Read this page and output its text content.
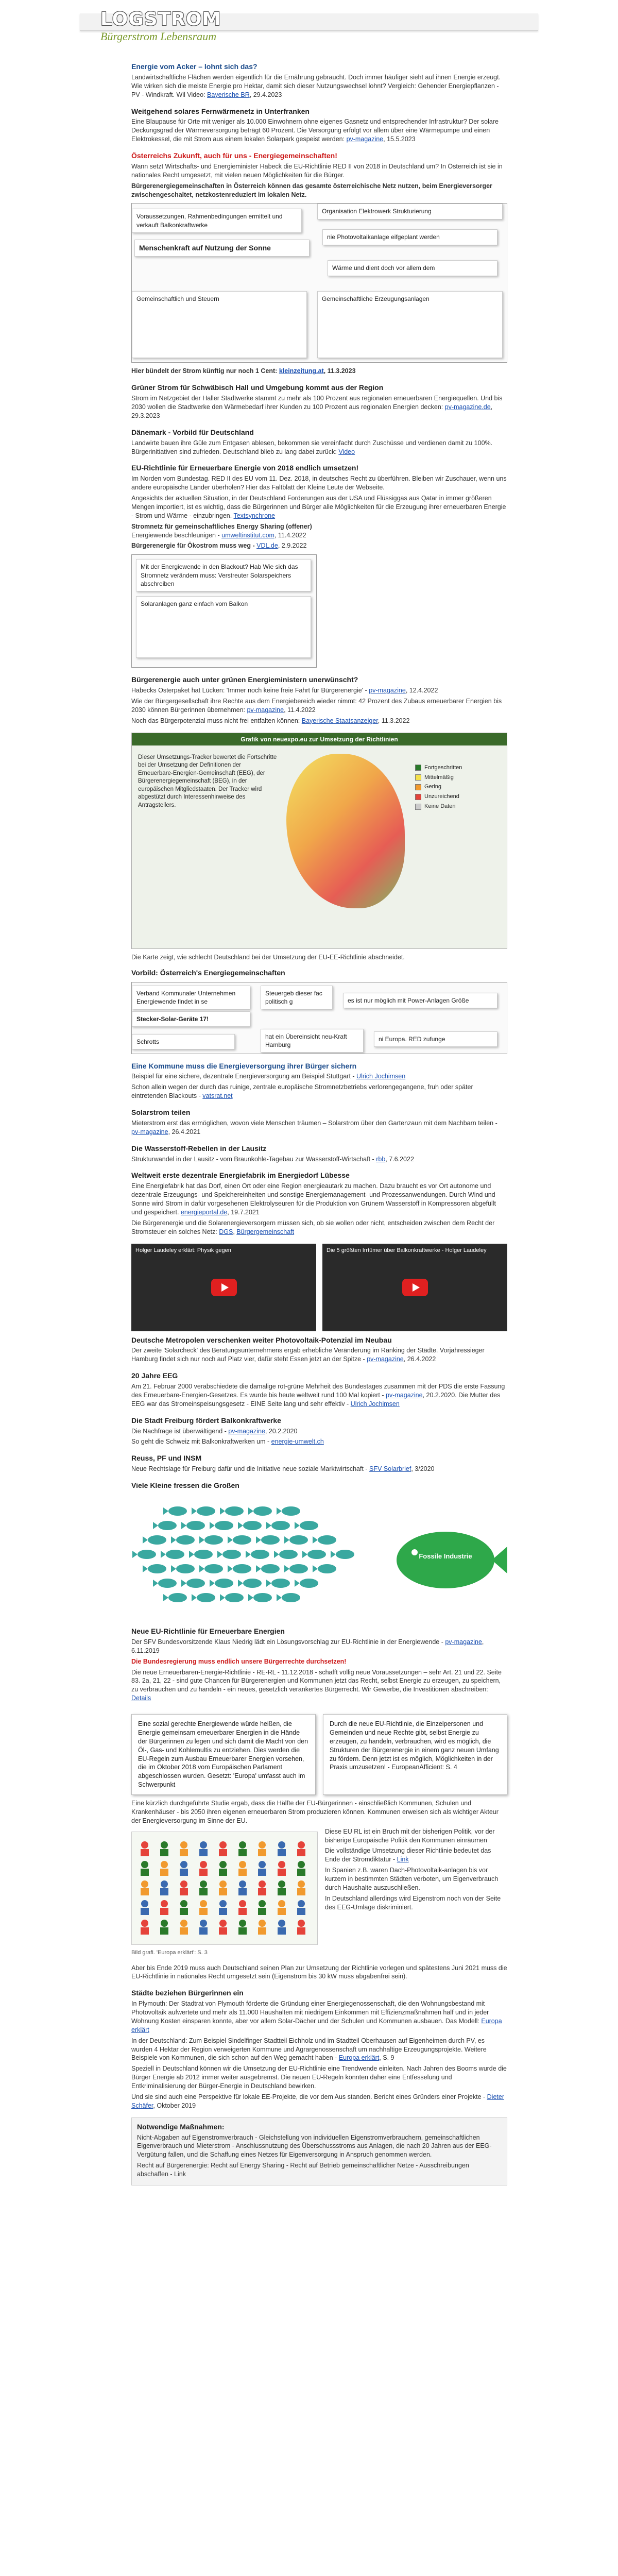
LOGSTROM
Bürgerstrom Lebensraum
Energie vom Acker – lohnt sich das?
Landwirtschaftliche Flächen werden eigentlich für die Ernährung gebraucht. Doch immer häufiger sieht auf ihnen Energie erzeugt. Wie wirken sich die meiste Energie pro Hektar, damit sich dieser Nutzungswechsel lohnt? Vergleich: Gehender Energiepflanzen - PV - Windkraft. Wil Video: Bayerische BR, 29.4.2023
Weitgehend solares Fernwärmenetz in Unterfranken
Eine Blaupause für Orte mit weniger als 10.000 Einwohnern ohne eigenes Gasnetz und entsprechender Infrastruktur? Der solare Deckungsgrad der Wärmeversorgung beträgt 60 Prozent. Die Versorgung erfolgt vor allem über eine Wärmepumpe und einen Elektrokessel, die mit Strom aus einem lokalen Solarpark gespeist werden: pv-magazine, 15.5.2023
Österreichs Zukunft, auch für uns - Energiegemeinschaften!
Wann setzt Wirtschafts- und Energieminister Habeck die EU-Richtlinie RED II von 2018 in Deutschland um? In Österreich ist sie in nationales Recht umgesetzt, mit vielen neuen Möglichkeiten für die Bürger.
Bürgerenergiegemeinschaften in Österreich können das gesamte österreichische Netz nutzen, beim Energieversorger zwischengeschaltet, netzkostenreduziert im lokalen Netz.
Voraussetzungen, Rahmenbedingungen ermittelt und verkauft Balkonkraftwerke
Organisation Elektrowerk Strukturierung
Menschenkraft auf Nutzung der Sonne
nie Photovoltaikanlage eifgeplant werden
Wärme und dient doch vor allem dem
Gemeinschaftlich und Steuern	Gemeinschaftliche Erzeugungsanlagen
Hier bündelt der Strom künftig nur noch 1 Cent: kleinzeitung.at, 11.3.2023
Grüner Strom für Schwäbisch Hall und Umgebung kommt aus der Region
Strom im Netzgebiet der Haller Stadtwerke stammt zu mehr als 100 Prozent aus regionalen erneuerbaren Energiequellen. Und bis 2030 wollen die Stadtwerke den Wärmebedarf ihrer Kunden zu 100 Prozent aus regionalen Energien decken: pv-magazine.de, 29.3.2023
Dänemark - Vorbild für Deutschland
Landwirte bauen ihre Güle zum Entgasen ablesen, bekommen sie vereinfacht durch Zuschüsse und verdienen damit zu 100%. Bürgerinitiativen sind zufrieden. Deutschland blieb zu lang dabei zurück: Video
EU-Richtlinie für Erneuerbare Energie von 2018 endlich umsetzen!
Im Norden vom Bundestag. RED II des EU vom 11. Dez. 2018, in deutsches Recht zu überführen. Bleiben wir Zuschauer, wenn uns andere europäische Länder überholen? Hier das Faltblatt der Kleine Leute der Webseite.
Angesichts der aktuellen Situation, in der Deutschland Forderungen aus der USA und Flüssiggas aus Qatar in immer größeren Mengen importiert, ist es wichtig, dass die Bürgerinnen und Bürger alle Möglichkeiten für die Erzeugung ihrer erneuerbaren Energie - Strom und Wärme - einzubringen. Textsynchrone
Stromnetz für gemeinschaftliches Energy Sharing (offener)
Energiewende beschleunigen - umweltinstitut.com, 11.4.2022
Bürgerenergie für Ökostrom muss weg - VDL.de, 2.9.2022
Mit der Energiewende in den Blackout? Hab Wie sich das Stromnetz verändern muss: Verstreuter Solarspeichers abschreiben
Solaranlagen ganz einfach vom Balkon
Bürgerenergie auch unter grünen Energieministern unerwünscht?
Habecks Osterpaket hat Lücken: 'Immer noch keine freie Fahrt für Bürgerenergie' - pv-magazine, 12.4.2022
Wie der Bürgergesellschaft ihre Rechte aus dem Energiebereich wieder nimmt: 42 Prozent des Zubaus erneuerbarer Energien bis 2030 können Bürgerinnen übernehmen: pv-magazine, 11.4.2022
Noch das Bürgerpotenzial muss nicht frei entfalten können: Bayerische Staatsanzeiger, 11.3.2022
Grafik von neuexpo.eu zur Umsetzung der Richtlinien
Dieser Umsetzungs-Tracker bewertet die Fortschritte bei der Umsetzung der Definitionen der Erneuerbare-Energien-Gemeinschaft (EEG), der Bürgerenergiegemeinschaft (BEG), in der europäischen Mitgliedstaaten. Der Tracker wird abgestützt durch Interessenhinweise des Antragstellers.
Fortgeschritten
Mittelmäßig
Gering
Unzureichend
Keine Daten
Die Karte zeigt, wie schlecht Deutschland bei der Umsetzung der EU-EE-Richtlinie abschneidet.
Vorbild: Österreich's Energiegemeinschaften
Verband Kommunaler Unternehmen Energiewende findet in se
Stecker-Solar-Geräte 17!
Steuergeb dieser fac politisch g	es ist nur möglich mit Power-Anlagen Größe
Schrotts
hat ein Übereinsicht neu-Kraft Hamburg
ni Europa. RED zufunge
Eine Kommune muss die Energieversorgung ihrer Bürger sichern
Beispiel für eine sichere, dezentrale Energieversorgung am Beispiel Stuttgart - Ulrich Jochimsen
Schon allein wegen der durch das ruinige, zentrale europäische Stromnetzbetriebs verlorengegangene, fruh oder später eintretenden Blackouts - vatsrat.net
Solarstrom teilen
Mieterstrom erst das ermöglichen, wovon viele Menschen träumen – Solarstrom über den Gartenzaun mit dem Nachbarn teilen - pv-magazine, 26.4.2021
Die Wasserstoff-Rebellen in der Lausitz
Strukturwandel in der Lausitz - vom Braunkohle-Tagebau zur Wasserstoff-Wirtschaft - rbb, 7.6.2022
Weltweit erste dezentrale Energiefabrik im Energiedorf Lübesse
Eine Energiefabrik hat das Dorf, einen Ort oder eine Region energieautark zu machen. Dazu braucht es vor Ort autonome und dezentrale Erzeugungs- und Speichereinheiten und sonstige Energiemanagement- und Prozessanwendungen. Durch Wind und Sonne wird Strom in dafür vorgesehenen Elektrolyseuren für die Produktion von Grünem Wasserstoff in Kompressoren abgefüllt und gespeichert. energieportal.de, 19.7.2021
Die Bürgerenergie und die Solarenergieversorgern müssen sich, ob sie wollen oder nicht, entscheiden zwischen dem Recht der Stromsteuer ein solches Netz: DGS, Bürgergemeinschaft
Holger Laudeley erklärt: Physik gegen	Die 5 größten Irrtümer über Balkonkraftwerke - Holger Laudeley
Deutsche Metropolen verschenken weiter Photovoltaik-Potenzial im Neubau
Der zweite 'Solarcheck' des Beratungsunternehmens ergab erhebliche Veränderung im Ranking der Städte. Vorjahressieger Hamburg findet sich nur noch auf Platz vier, dafür steht Essen jetzt an der Spitze - pv-magazine, 26.4.2022
20 Jahre EEG
Am 21. Februar 2000 verabschiedete die damalige rot-grüne Mehrheit des Bundestages zusammen mit der PDS die erste Fassung des Erneuerbare-Energien-Gesetzes. Es wurde bis heute weltweit rund 100 Mal kopiert - pv-magazine, 20.2.2020. Die Mutter des EEG war das Stromeinspeisungsgesetz - EINE Seite lang und sehr effektiv - Ulrich Jochimsen
Die Stadt Freiburg fördert Balkonkraftwerke
Die Nachfrage ist überwältigend - pv-magazine, 20.2.2020
So geht die Schweiz mit Balkonkraftwerken um - energie-umwelt.ch
Reuss, PF und INSM
Neue Rechtslage für Freiburg dafür und die Initiative neue soziale Marktwirtschaft - SFV Solarbrief, 3/2020
Viele Kleine fressen die Großen
Fossile Industrie
Neue EU-Richtlinie für Erneuerbare Energien
Der SFV Bundesvorsitzende Klaus Niedrig lädt ein Lösungsvorschlag zur EU-Richtlinie in der Energiewende - pv-magazine, 6.11.2019
Die Bundesregierung muss endlich unsere Bürgerrechte durchsetzen!
Die neue Erneuerbaren-Energie-Richtlinie - RE-RL - 11.12.2018 - schafft völlig neue Voraussetzungen – sehr Art. 21 und 22. Seite 83. 2a, 21, 22 - sind gute Chancen für Bürgerenergien und Kommunen jetzt das Recht, selbst Energie zu erzeugen, zu speichern, zu verbrauchen und zu handeln - ein neues, gesetzlich verankertes Bürgerrecht. Wir Gewerbe, die Investitionen abschreiben: Details
Eine sozial gerechte Energiewende würde heißen, die Energie gemeinsam erneuerbarer Energien in die Hände der Bürgerinnen zu legen und sich damit die Macht von den Öl-, Gas- und Kohlemultis zu entziehen. Dies werden die EU-Regeln zum Ausbau Erneuerbarer Energien vorsehen, die im Oktober 2018 vom Europäischen Parlament abgeschlossen wurden. Gesetzt: 'Europa' umfasst auch im Schwerpunkt
Durch die neue EU-Richtlinie, die Einzelpersonen und Gemeinden und neue Rechte gibt, selbst Energie zu erzeugen, zu handeln, verbrauchen, wird es möglich, die Strukturen der Bürgerenergie in einem ganz neuen Umfang zu fördern. Denn jetzt ist es möglich, Möglichkeiten in der Praxis umzusetzen! - EuropeanAfficient: S. 4
Eine kürzlich durchgeführte Studie ergab, dass die Hälfte der EU-Bürgerinnen - einschließlich Kommunen, Schulen und Krankenhäuser - bis 2050 ihren eigenen erneuerbaren Strom produzieren können. Kommunen erweisen sich als wichtiger Akteur der Energieversorgung im Sinne der EU.
Bild grafi. 'Europa erklärt': S. 3
Diese EU RL ist ein Bruch mit der bisherigen Politik, vor der bisherige Europäische Politik den Kommunen einräumen
Die vollständige Umsetzung dieser Richtlinie bedeutet das Ende der Stromdiktatur - Link
In Spanien z.B. waren Dach-Photovoltaik-anlagen bis vor kurzem in bestimmten Städten verboten, um Eigenverbrauch durch Haushalte auszuschließen.
In Deutschland allerdings wird Eigenstrom noch von der Seite des EEG-Umlage diskriminiert.
Aber bis Ende 2019 muss auch Deutschland seinen Plan zur Umsetzung der Richtlinie vorlegen und spätestens Juni 2021 muss die EU-Richtlinie in nationales Recht umgesetzt sein (Eigenstrom bis 30 kW muss abgabenfrei sein).
Städte beziehen Bürgerinnen ein
In Plymouth: Der Stadtrat von Plymouth förderte die Gründung einer Energiegenossenschaft, die den Wohnungsbestand mit Photovoltaik aufwertete und mehr als 11.000 Haushalten mit niedrigem Einkommen mit Effizienzmaßnahmen half und in jeder Wohnung Kosten einsparen konnte, aber vor allem Solar-Dächer und der Schulen und Kommunen ausbauen. Das Modell: Europa erklärt
In der Deutschland: Zum Beispiel Sindelfinger Stadtteil Eichholz und im Stadtteil Oberhausen auf Eigenheimen durch PV, es wurden 4 Hektar der Region verweigerten Kommune und Agrargenossenschaft um nachhaltige Erzeugungsprojekte. Weitere Beispiele von Kommunen, die sich schon auf den Weg gemacht haben - Europa erklärt, S. 9
Speziell in Deutschland können wir die Umsetzung der EU-Richtlinie eine Trendwende einleiten. Nach Jahren des Booms wurde die Bürger Energie ab 2012 immer weiter ausgebremst. Die neuen EU-Regeln könnten daher eine Entfesselung und Entkriminalisierung der Bürger-Energie in Deutschland bewirken.
Und sie sind auch eine Perspektive für lokale EE-Projekte, die vor dem Aus standen. Bericht eines Gründers einer Projekte - Dieter Schäfer, Oktober 2019
Notwendige Maßnahmen:
Nicht-Abgaben auf Eigenstromverbrauch - Gleichstellung von individuellen Eigenstromverbrauchern, gemeinschaftlichen Eigenverbrauch und Mieterstrom - Anschlussnutzung des Überschussstroms aus Anlagen, die nach 20 Jahren aus der EEG-Vergütung fallen, und die Schaffung eines Netzes für Eigenversorgung in Anspruch genommen werden.
Recht auf Bürgerenergie: Recht auf Energy Sharing - Recht auf Betrieb gemeinschaftlicher Netze - Ausschreibungen abschaffen - Link
